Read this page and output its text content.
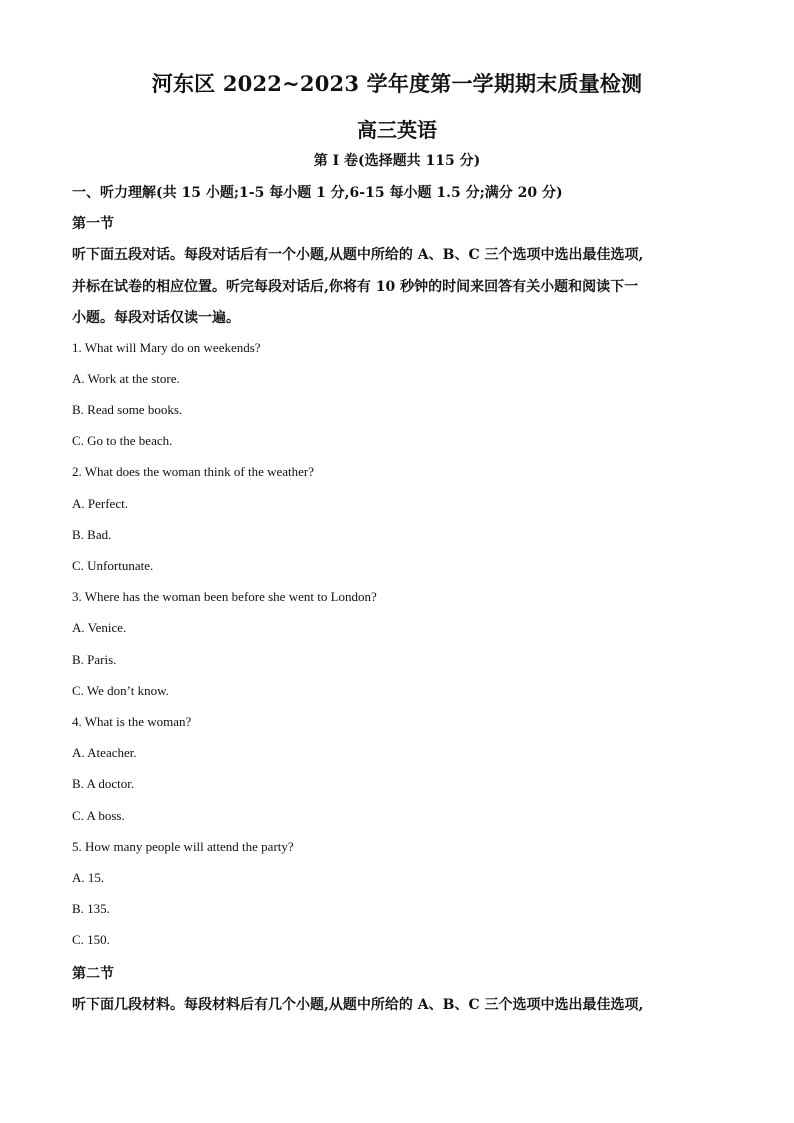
河东区 2022~2023 学年度第一学期期末质量检测
高三英语
第 I 卷(选择题共 115 分)
一、听力理解(共 15 小题;1-5 每小题 1 分,6-15 每小题 1.5 分;满分 20 分)
第一节
听下面五段对话。每段对话后有一个小题,从题中所给的 A、B、C 三个选项中选出最佳选项,
并标在试卷的相应位置。听完每段对话后,你将有 10 秒钟的时间来回答有关小题和阅读下一
小题。每段对话仅读一遍。
1. What will Mary do on weekends?
A. Work at the store.
B. Read some books.
C. Go to the beach.
2. What does the woman think of the weather?
A. Perfect.
B. Bad.
C. Unfortunate.
3. Where has the woman been before she went to London?
A. Venice.
B. Paris.
C. We don’t know.
4. What is the woman?
A. Ateacher.
B. A doctor.
C. A boss.
5. How many people will attend the party?
A. 15.
B. 135.
C. 150.
第二节
听下面几段材料。每段材料后有几个小题,从题中所给的 A、B、C 三个选项中选出最佳选项,
